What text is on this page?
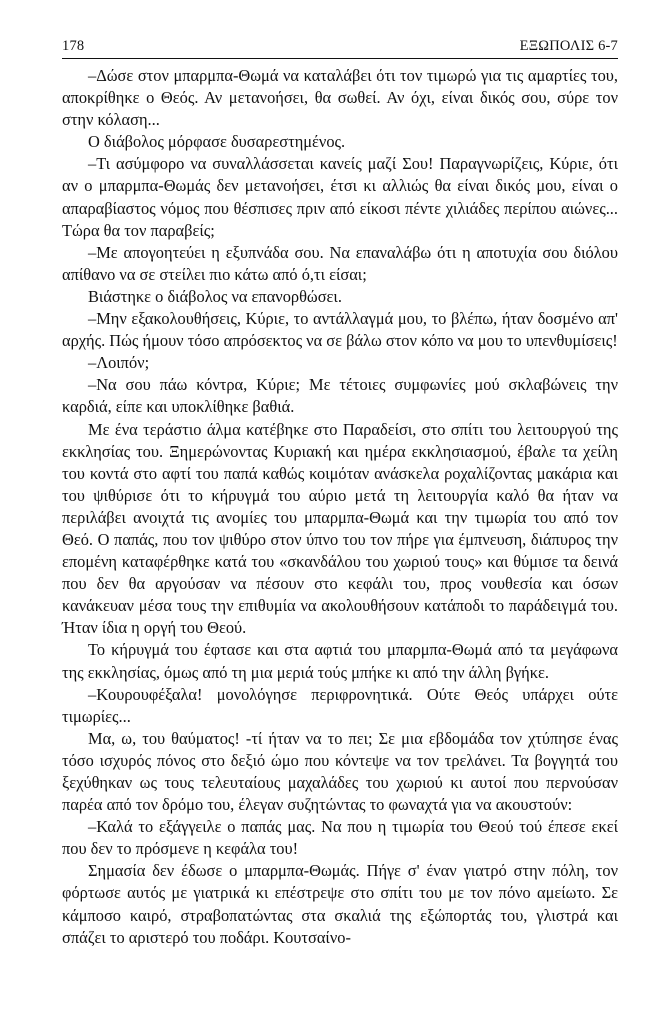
178	ΕΞΩΠΟΛΙΣ 6-7

–Δώσε στον μπαρμπα-Θωμά να καταλάβει ότι τον τιμωρώ για τις αμαρτίες του, αποκρίθηκε ο Θεός. Αν μετανοήσει, θα σωθεί. Αν όχι, είναι δικός σου, σύρε τον στην κόλαση...

Ο διάβολος μόρφασε δυσαρεστημένος.

–Τι ασύμφορο να συναλλάσσεται κανείς μαζί Σου! Παραγνωρίζεις, Κύριε, ότι αν ο μπαρμπα-Θωμάς δεν μετανοήσει, έτσι κι αλλιώς θα είναι δικός μου, είναι ο απαραβίαστος νόμος που θέσπισες πριν από είκοσι πέντε χιλιάδες περίπου αιώνες... Τώρα θα τον παραβείς;

–Με απογοητεύει η εξυπνάδα σου. Να επαναλάβω ότι η αποτυχία σου διόλου απίθανο να σε στείλει πιο κάτω από ό,τι είσαι;

Βιάστηκε ο διάβολος να επανορθώσει.

–Μην εξακολουθήσεις, Κύριε, το αντάλλαγμά μου, το βλέπω, ήταν δοσμένο απ' αρχής. Πώς ήμουν τόσο απρόσεκτος να σε βάλω στον κόπο να μου το υπενθυμίσεις!

–Λοιπόν;

–Να σου πάω κόντρα, Κύριε; Με τέτοιες συμφωνίες μού σκλαβώνεις την καρδιά, είπε και υποκλίθηκε βαθιά.

Με ένα τεράστιο άλμα κατέβηκε στο Παραδείσι, στο σπίτι του λειτουργού της εκκλησίας του. Ξημερώνοντας Κυριακή και ημέρα εκκλησιασμού, έβαλε τα χείλη του κοντά στο αφτί του παπά καθώς κοιμόταν ανάσκελα ροχαλίζοντας μακάρια και του ψιθύρισε ότι το κήρυγμά του αύριο μετά τη λειτουργία καλό θα ήταν να περιλάβει ανοιχτά τις ανομίες του μπαρμπα-Θωμά και την τιμωρία του από τον Θεό. Ο παπάς, που τον ψιθύρο στον ύπνο του τον πήρε για έμπνευση, διάπυρος την επομένη καταφέρθηκε κατά του «σκανδάλου του χωριού τους» και θύμισε τα δεινά που δεν θα αργούσαν να πέσουν στο κεφάλι του, προς νουθεσία και όσων κανάκευαν μέσα τους την επιθυμία να ακολουθήσουν κατάποδι το παράδειγμά του. Ήταν ίδια η οργή του Θεού.

Το κήρυγμά του έφτασε και στα αφτιά του μπαρμπα-Θωμά από τα μεγάφωνα της εκκλησίας, όμως από τη μια μεριά τούς μπήκε κι από την άλλη βγήκε.

–Κουρουφέξαλα! μονολόγησε περιφρονητικά. Ούτε Θεός υπάρχει ούτε τιμωρίες...

Μα, ω, του θαύματος! -τί ήταν να το πει; Σε μια εβδομάδα τον χτύπησε ένας τόσο ισχυρός πόνος στο δεξιό ώμο που κόντεψε να τον τρελάνει. Τα βογγητά του ξεχύθηκαν ως τους τελευταίους μαχαλάδες του χωριού κι αυτοί που περνούσαν παρέα από τον δρόμο του, έλεγαν συζητώντας το φωναχτά για να ακουστούν:

–Καλά το εξάγγειλε ο παπάς μας. Να που η τιμωρία του Θεού τού έπεσε εκεί που δεν το πρόσμενε η κεφάλα του!

Σημασία δεν έδωσε ο μπαρμπα-Θωμάς. Πήγε σ' έναν γιατρό στην πόλη, τον φόρτωσε αυτός με γιατρικά κι επέστρεψε στο σπίτι του με τον πόνο αμείωτο. Σε κάμποσο καιρό, στραβοπατώντας στα σκαλιά της εξώπορτάς του, γλιστρά και σπάζει το αριστερό του ποδάρι. Κουτσαίνο-
